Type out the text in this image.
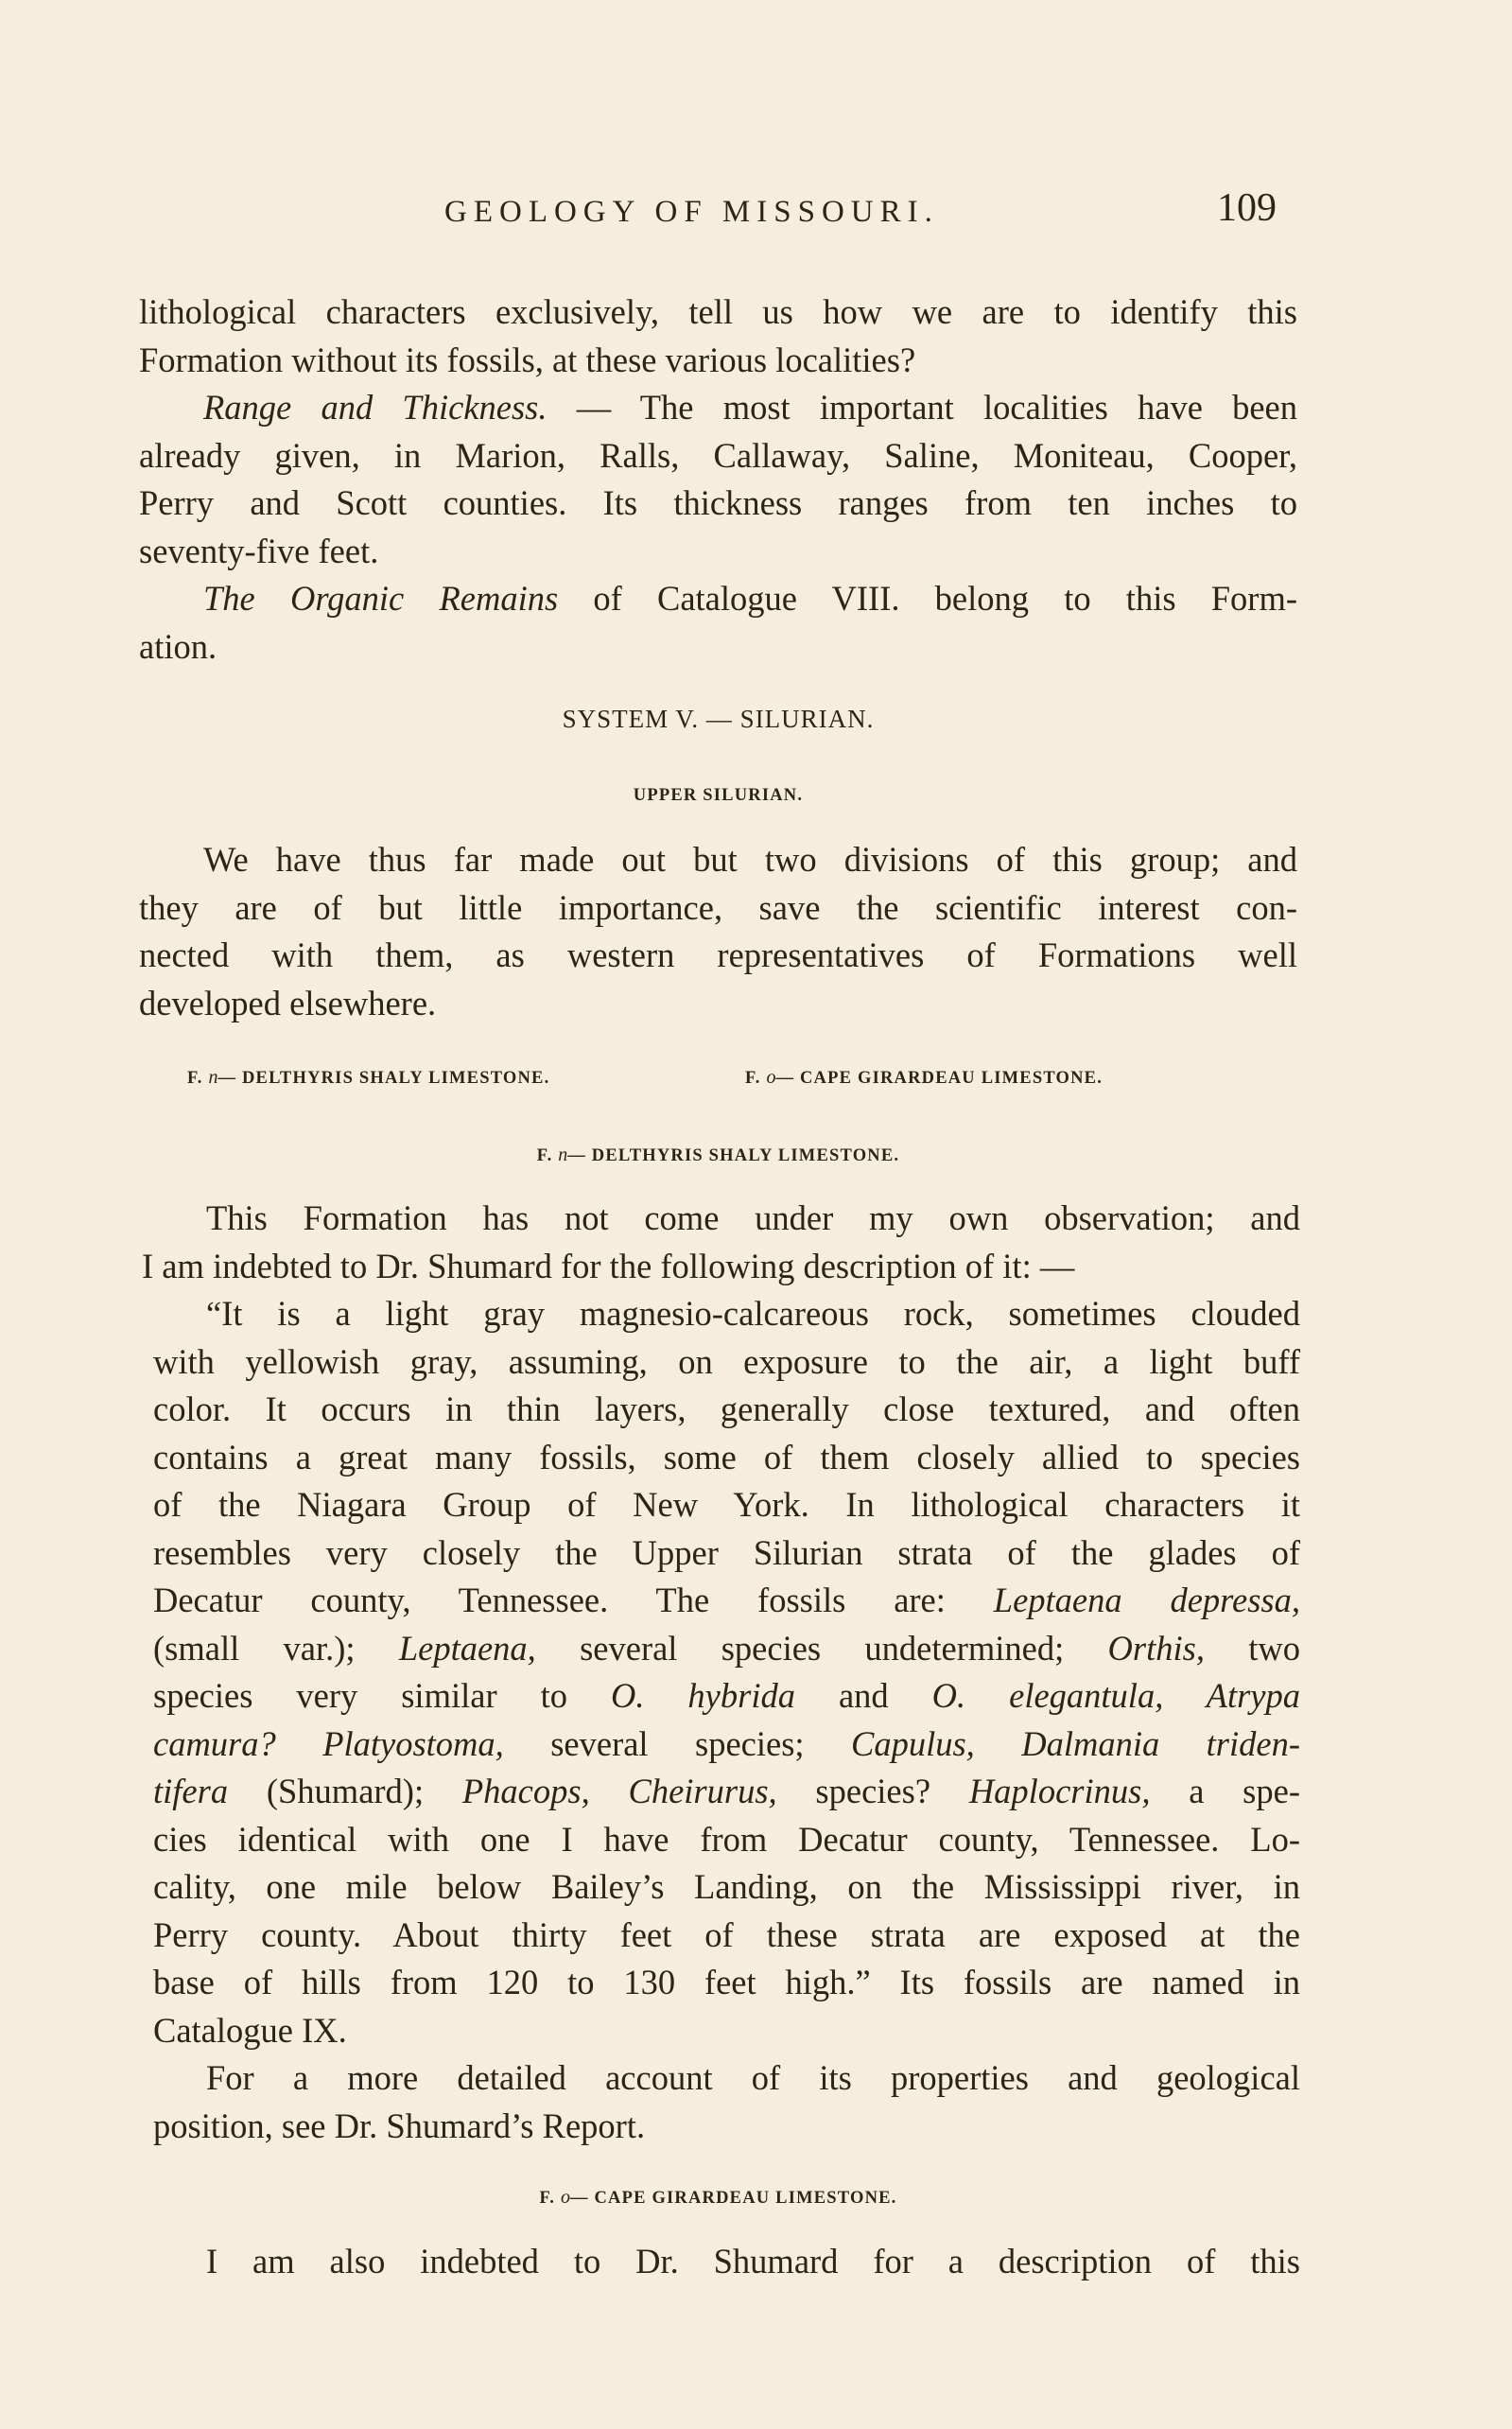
GEOLOGY OF MISSOURI.	109

lithological characters exclusively, tell us how we are to identify this
Formation without its fossils, at these various localities?

Range and Thickness. — The most important localities have been
already given, in Marion, Ralls, Callaway, Saline, Moniteau, Cooper,
Perry and Scott counties. Its thickness ranges from ten inches to
seventy-five feet.

The Organic Remains of Catalogue VIII. belong to this Form-
ation.

SYSTEM V. — SILURIAN.

UPPER SILURIAN.

We have thus far made out but two divisions of this group; and
they are of but little importance, save the scientific interest con-
nected with them, as western representatives of Formations well
developed elsewhere.

F. n— DELTHYRIS SHALY LIMESTONE.	F. o— CAPE GIRARDEAU LIMESTONE.

F. n— DELTHYRIS SHALY LIMESTONE.

This Formation has not come under my own observation; and
I am indebted to Dr. Shumard for the following description of it: —

“It is a light gray magnesio-calcareous rock, sometimes clouded
with yellowish gray, assuming, on exposure to the air, a light buff
color. It occurs in thin layers, generally close textured, and often
contains a great many fossils, some of them closely allied to species
of the Niagara Group of New York. In lithological characters it
resembles very closely the Upper Silurian strata of the glades of
Decatur county, Tennessee. The fossils are: Leptaena depressa,
(small var.); Leptaena, several species undetermined; Orthis, two
species very similar to O. hybrida and O. elegantula, Atrypa
camura? Platyostoma, several species; Capulus, Dalmania triden-
tifera (Shumard); Phacops, Cheirurus, species? Haplocrinus, a spe-
cies identical with one I have from Decatur county, Tennessee. Lo-
cality, one mile below Bailey’s Landing, on the Mississippi river, in
Perry county. About thirty feet of these strata are exposed at the
base of hills from 120 to 130 feet high.” Its fossils are named in
Catalogue IX.

For a more detailed account of its properties and geological
position, see Dr. Shumard’s Report.

F. o— CAPE GIRARDEAU LIMESTONE.

I am also indebted to Dr. Shumard for a description of this
